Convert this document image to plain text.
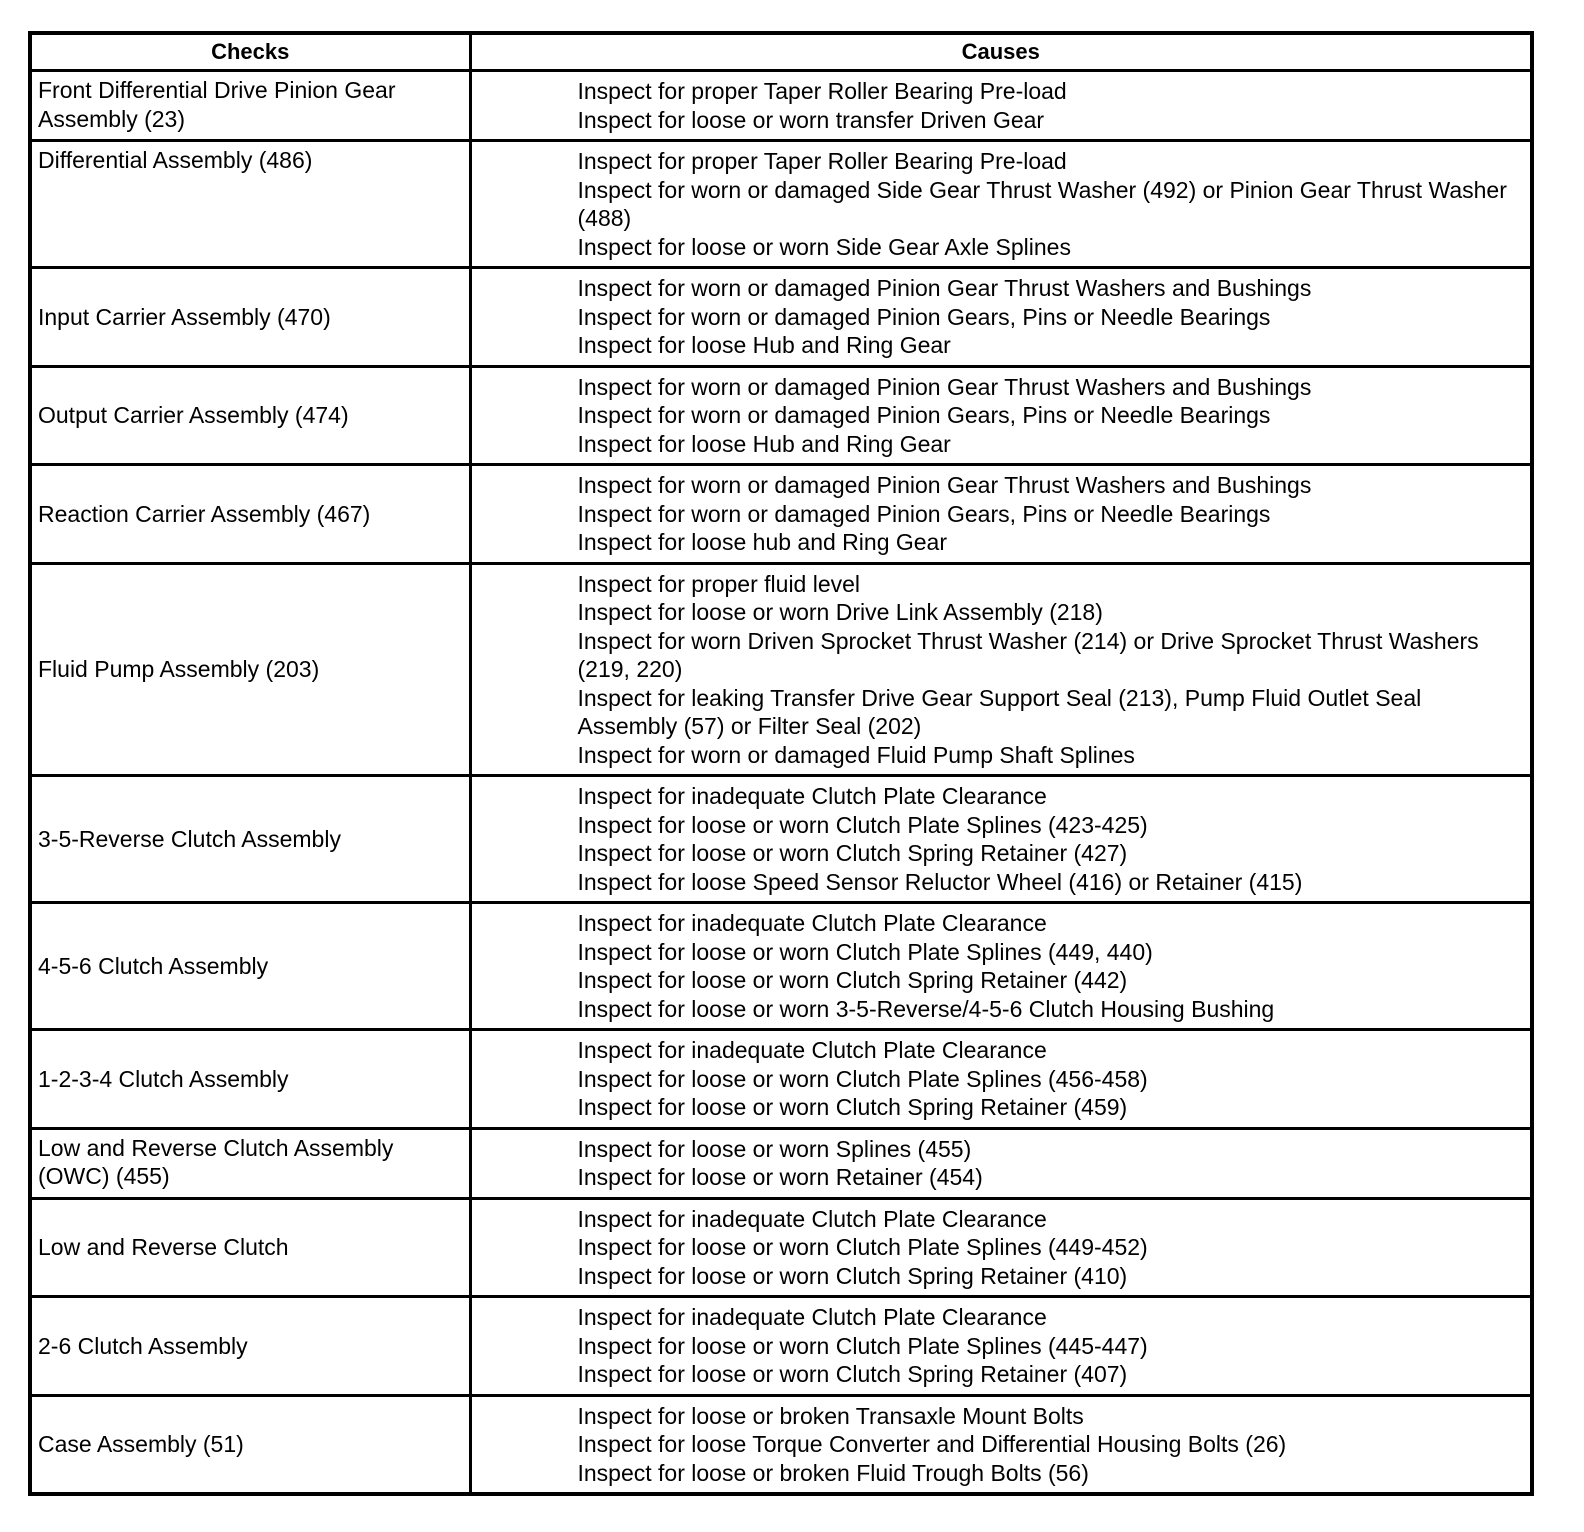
Checks	Causes
Front Differential Drive Pinion Gear Assembly (23)	Inspect for proper Taper Roller Bearing Pre-load
Inspect for loose or worn transfer Driven Gear

Differential Assembly (486)	Inspect for proper Taper Roller Bearing Pre-load
Inspect for worn or damaged Side Gear Thrust Washer (492) or Pinion Gear Thrust Washer (488)
Inspect for loose or worn Side Gear Axle Splines

Input Carrier Assembly (470)	Inspect for worn or damaged Pinion Gear Thrust Washers and Bushings
Inspect for worn or damaged Pinion Gears, Pins or Needle Bearings
Inspect for loose Hub and Ring Gear

Output Carrier Assembly (474)	Inspect for worn or damaged Pinion Gear Thrust Washers and Bushings
Inspect for worn or damaged Pinion Gears, Pins or Needle Bearings
Inspect for loose Hub and Ring Gear

Reaction Carrier Assembly (467)	Inspect for worn or damaged Pinion Gear Thrust Washers and Bushings
Inspect for worn or damaged Pinion Gears, Pins or Needle Bearings
Inspect for loose hub and Ring Gear

Fluid Pump Assembly (203)	Inspect for proper fluid level
Inspect for loose or worn Drive Link Assembly (218)
Inspect for worn Driven Sprocket Thrust Washer (214) or Drive Sprocket Thrust Washers (219, 220)
Inspect for leaking Transfer Drive Gear Support Seal (213), Pump Fluid Outlet Seal Assembly (57) or Filter Seal (202)
Inspect for worn or damaged Fluid Pump Shaft Splines

3-5-Reverse Clutch Assembly	Inspect for inadequate Clutch Plate Clearance
Inspect for loose or worn Clutch Plate Splines (423-425)
Inspect for loose or worn Clutch Spring Retainer (427)
Inspect for loose Speed Sensor Reluctor Wheel (416) or Retainer (415)

4-5-6 Clutch Assembly	Inspect for inadequate Clutch Plate Clearance
Inspect for loose or worn Clutch Plate Splines (449, 440)
Inspect for loose or worn Clutch Spring Retainer (442)
Inspect for loose or worn 3-5-Reverse/4-5-6 Clutch Housing Bushing

1-2-3-4 Clutch Assembly	Inspect for inadequate Clutch Plate Clearance
Inspect for loose or worn Clutch Plate Splines (456-458)
Inspect for loose or worn Clutch Spring Retainer (459)

Low and Reverse Clutch Assembly (OWC) (455)	Inspect for loose or worn Splines (455)
Inspect for loose or worn Retainer (454)

Low and Reverse Clutch	Inspect for inadequate Clutch Plate Clearance
Inspect for loose or worn Clutch Plate Splines (449-452)
Inspect for loose or worn Clutch Spring Retainer (410)

2-6 Clutch Assembly	Inspect for inadequate Clutch Plate Clearance
Inspect for loose or worn Clutch Plate Splines (445-447)
Inspect for loose or worn Clutch Spring Retainer (407)

Case Assembly (51)	Inspect for loose or broken Transaxle Mount Bolts
Inspect for loose Torque Converter and Differential Housing Bolts (26)
Inspect for loose or broken Fluid Trough Bolts (56)
